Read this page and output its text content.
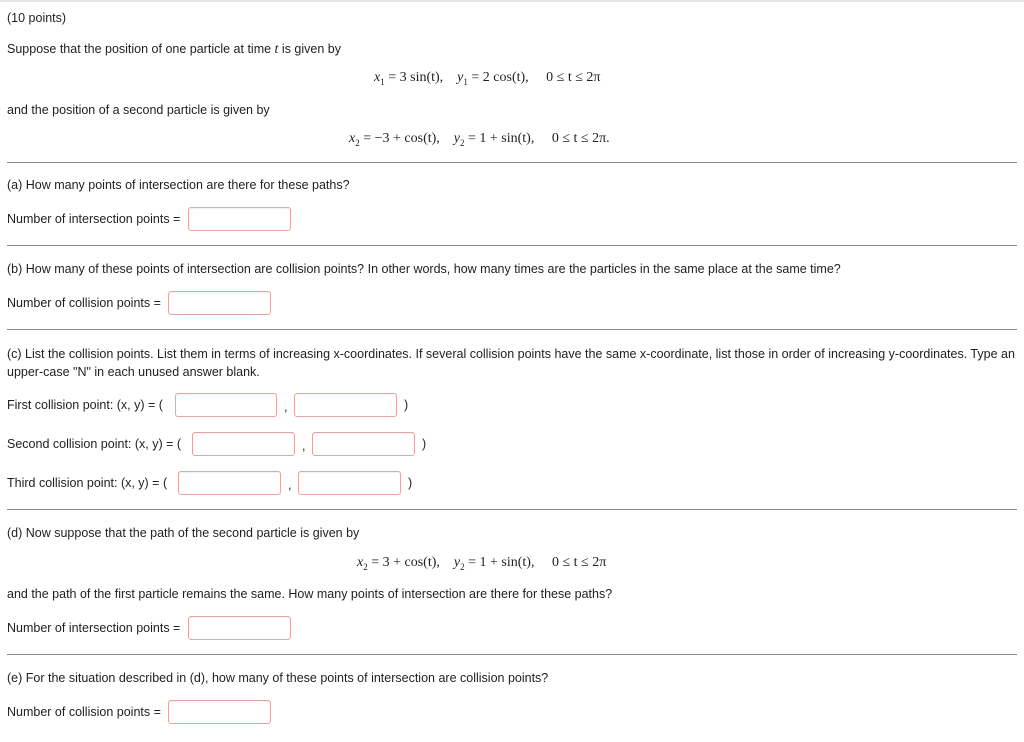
(10 points)
Suppose that the position of one particle at time t is given by
$x_1 = 3$ sin(t), $y_1 = 2$ cos(t), 0 ≤ t ≤ 2π
and the position of a second particle is given by
$x_2 = -3 + \cos(t)$, $y_2 = 1 + \sin(t)$, 0 ≤ t ≤ 2π.
(a) How many points of intersection are there for these paths?
Number of intersection points =
(b) How many of these points of intersection are collision points? In other words, how many times are the particles in the same place at the same time?
Number of collision points =
(c) List the collision points. List them in terms of increasing x-coordinates. If several collision points have the same x-coordinate, list those in order of increasing y-coordinates. Type an upper-case "N" in each unused answer blank.
First collision point: (x, y) = (	,	)
Second collision point: (x, y) = (	,	)
Third collision point: (x, y) = (	,	)
(d) Now suppose that the path of the second particle is given by
$x_2 = 3 + \cos(t)$, $y_2 = 1 + \sin(t)$, 0 ≤ t ≤ 2π
and the path of the first particle remains the same. How many points of intersection are there for these paths?
Number of intersection points =
(e) For the situation described in (d), how many of these points of intersection are collision points?
Number of collision points =
